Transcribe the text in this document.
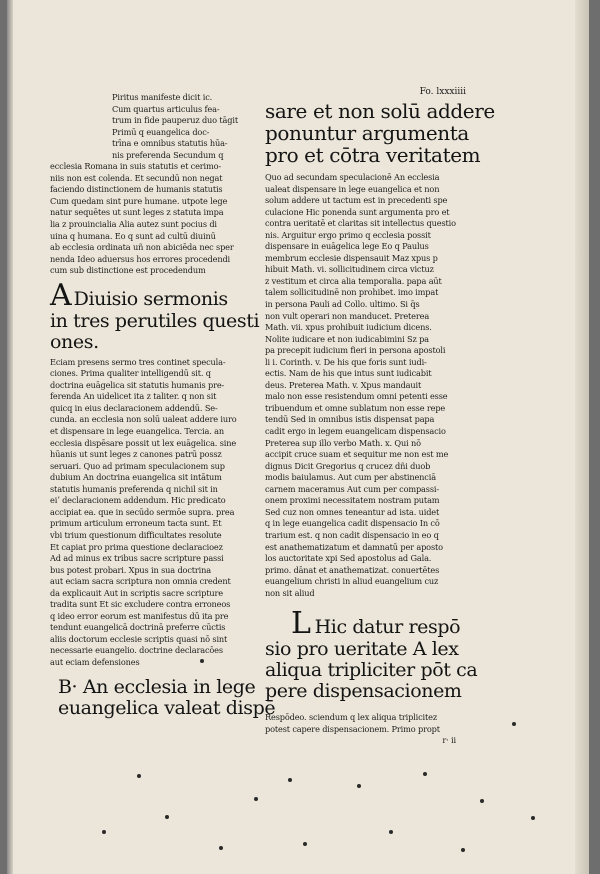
Piritus manifeste dicit ic.
Cum quartus articulus fea-
trum in fide pauperuz duo tāgit
Primū q euangelica doc-
trīna e omnibus statutis hūa-
nis preferenda Secundum q
ecclesia Romana in suis statutis et cerimo-
niis non est colenda. Et secundū non negat
faciendo distinctionem de humanis statutis
Cum quedam sint pure humane. utpote lege
natur sequētes ut sunt leges z statuta impa
lia z prouincialia Alia autez sunt pocius di
uina q humana. Eo q sunt ad cultū diuinū
ab ecclesia ordinata uñ non abiciēda nec sper
nenda Ideo aduersus hos errores procedendi
cum sub distinctione est procedendum
A Diuisio sermonis
in tres perutiles questi
ones.
Eciam presens sermo tres continet specula-
ciones. Prima qualiter intelligendū sit. q
doctrina euāgelica sit statutis humanis pre-
ferenda An uidelicet ita z taliter. q non sit
quicq in eius declaracionem addendū. Se-
cunda. an ecclesia non solū ualeat addere iuro
et dispensare in lege euangelica. Tercia. an
ecclesia dispēsare possit ut lex euāgelica. sine
hūanis ut sunt leges z canones patrū possz
seruari. Quo ad primam speculacionem sup
dubium An doctrina euangelica sit intātum
statutis humanis preferenda q nichil sit in
eiʼ declaracionem addendum. Hic predicato
accipiat ea. que in secūdo sermōe supra. prea
primum articulum erroneum tacta sunt. Et
vbi trium questionum difficultates resolute
Et capiat pro prima questione declaracioez
Ad ad minus ex tribus sacre scripture passi
bus potest probari. Xpus in sua doctrina
aut eciam sacra scriptura non omnia credent
da explicauit Aut in scriptis sacre scripture
tradita sunt Et sic excludere contra erroneos
q ideo error eorum est manifestus dū ita pre
tendunt euangelicā doctrinā preferre cūctis
aliis doctorum ecclesie scriptis quasi nō sint
necessarie euangelio. doctrine declaracōes
aut eciam defensiones
B· An ecclesia in lege
euangelica valeat dispē
Fo. lxxxiiii
sare et non solū addere
ponuntur argumenta
pro et cōtra veritatem
Quo ad secundam speculacionē An ecclesia
ualeat dispensare in lege euangelica et non
solum addere ut tactum est in precedenti spe
culacione Hic ponenda sunt argumenta pro et
contra ueritatē et claritas sit intellectus questio
nis. Arguitur ergo primo q ecclesia possit
dispensare in euāgelica lege Eo q Paulus
membrum ecclesie dispensauit Maz xpus p
hibuit Math. vi. sollicitudinem circa victuz
z vestitum et circa alia temporalia. papa aūt
talem sollicitudinē non prohibet. imo impat
in persona Pauli ad Collo. ultimo. Si q̄s
non vult operari non manducet. Preterea
Math. vii. xpus prohibuit iudicium dicens.
Nolite iudicare et non iudicabimini Sz pa
pa precepit iudicium fieri in persona apostoli
li i. Corinth. v. De his que foris sunt iudi-
ectis. Nam de his que intus sunt iudicabit
deus. Preterea Math. v. Xpus mandauit
malo non esse resistendum omni petenti esse
tribuendum et omne sublatum non esse repe
tendū Sed in omnibus istis dispensat papa
cadit ergo in legem euangelicam dispensacio
Preterea sup illo verbo Math. x. Qui nō
accipit cruce suam et sequitur me non est me
dignus Dicit Gregorius q crucez dñi duob
modis baiulamus. Aut cum per abstinenciā
carnem maceramus Aut cum per compassi-
onem proximi necessitatem nostram putam
Sed cuz non omnes teneantur ad ista. uidet
q in lege euangelica cadit dispensacio In cō
trarium est. q non cadit dispensacio in eo q
est anathematizatum et damnatū per aposto
los auctoritate xpi Sed apostolus ad Gala.
primo. dānat et anathematizat. conuertētes
euangelium christi in aliud euangelium cuz
non sit aliud
L Hic datur respō
sio pro ueritate A lex
aliqua tripliciter pōt ca
pere dispensacionem
Respōdeo. sciendum q lex aliqua triplicitez
potest capere dispensacionem. Primo propt
r· ii
